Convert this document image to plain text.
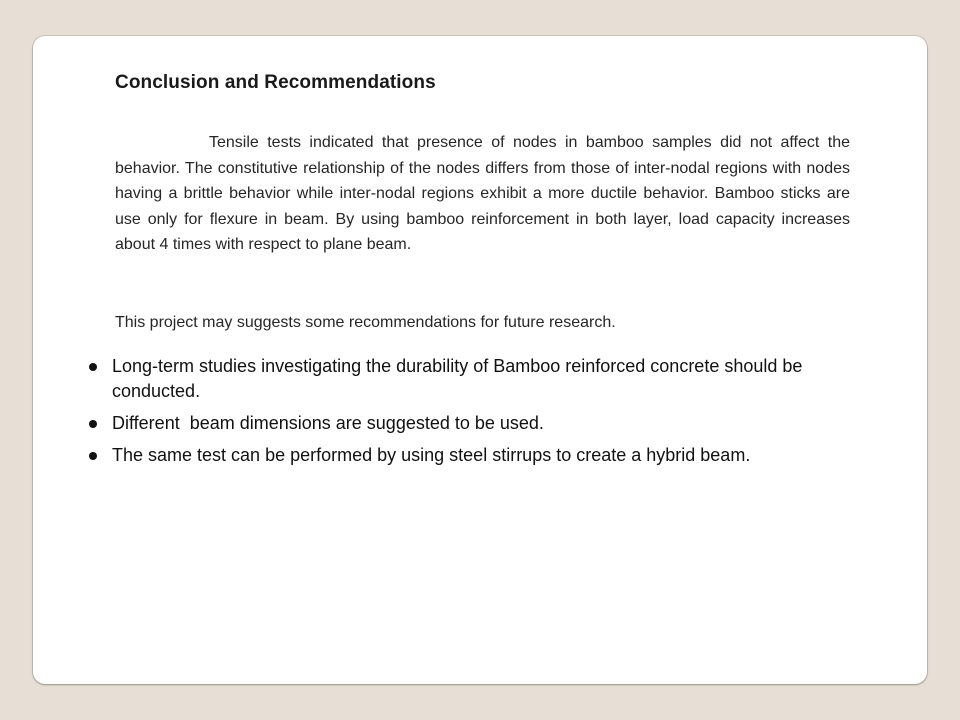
Conclusion and Recommendations
Tensile tests indicated that presence of nodes in bamboo samples did not affect the behavior. The constitutive relationship of the nodes differs from those of inter-nodal regions with nodes having a brittle behavior while inter-nodal regions exhibit a more ductile behavior. Bamboo sticks are use only for flexure in beam. By using bamboo reinforcement in both layer, load capacity increases about 4 times with respect to plane beam.
This project may suggests some recommendations for future research.
Long-term studies investigating the durability of Bamboo reinforced concrete should be conducted.
Different  beam dimensions are suggested to be used.
The same test can be performed by using steel stirrups to create a hybrid beam.
